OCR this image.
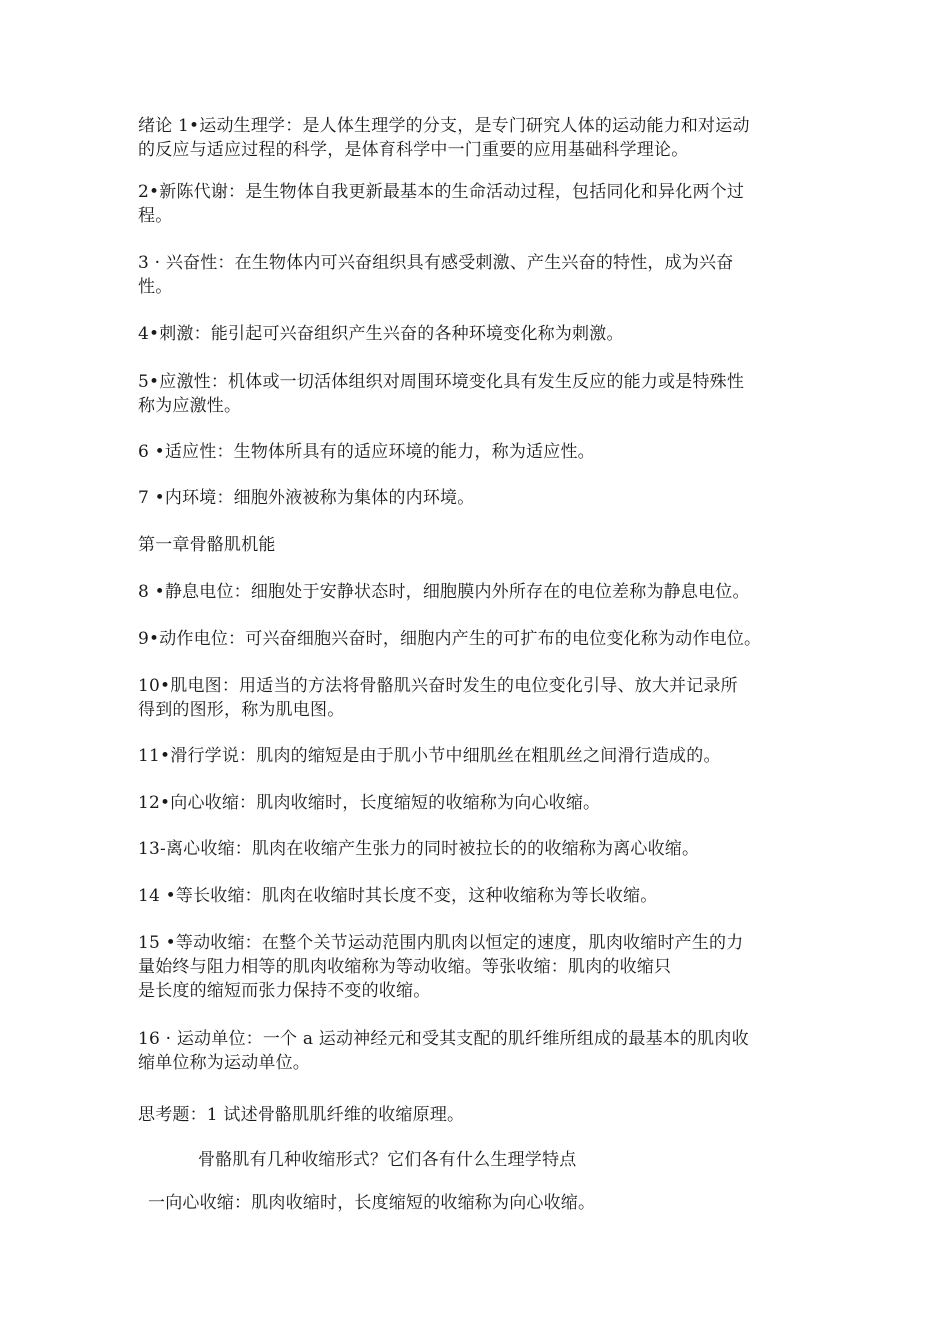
绪论 1•运动生理学：是人体生理学的分支，是专门研究人体的运动能力和对运动
的反应与适应过程的科学，是体育科学中一门重要的应用基础科学理论。

2•新陈代谢：是生物体自我更新最基本的生命活动过程，包括同化和异化两个过
程。

3 · 兴奋性：在生物体内可兴奋组织具有感受刺激、产生兴奋的特性，成为兴奋
性。

4•刺激：能引起可兴奋组织产生兴奋的各种环境变化称为刺激。

5•应激性：机体或一切活体组织对周围环境变化具有发生反应的能力或是特殊性
称为应激性。

6 •适应性：生物体所具有的适应环境的能力，称为适应性。

7 •内环境：细胞外液被称为集体的内环境。

第一章骨骼肌机能

8 •静息电位：细胞处于安静状态时，细胞膜内外所存在的电位差称为静息电位。

9•动作电位：可兴奋细胞兴奋时，细胞内产生的可扩布的电位变化称为动作电位。

10•肌电图：用适当的方法将骨骼肌兴奋时发生的电位变化引导、放大并记录所
得到的图形，称为肌电图。

11•滑行学说：肌肉的缩短是由于肌小节中细肌丝在粗肌丝之间滑行造成的。

12•向心收缩：肌肉收缩时，长度缩短的收缩称为向心收缩。

13-离心收缩：肌肉在收缩产生张力的同时被拉长的的收缩称为离心收缩。

14 •等长收缩：肌肉在收缩时其长度不变，这种收缩称为等长收缩。

15 •等动收缩：在整个关节运动范围内肌肉以恒定的速度，肌肉收缩时产生的力
量始终与阻力相等的肌肉收缩称为等动收缩。等张收缩：肌肉的收缩只
是长度的缩短而张力保持不变的收缩。

16 · 运动单位：一个 a 运动神经元和受其支配的肌纤维所组成的最基本的肌肉收
缩单位称为运动单位。

思考题：1 试述骨骼肌肌纤维的收缩原理。

骨骼肌有几种收缩形式？它们各有什么生理学特点

一向心收缩：肌肉收缩时，长度缩短的收缩称为向心收缩。
